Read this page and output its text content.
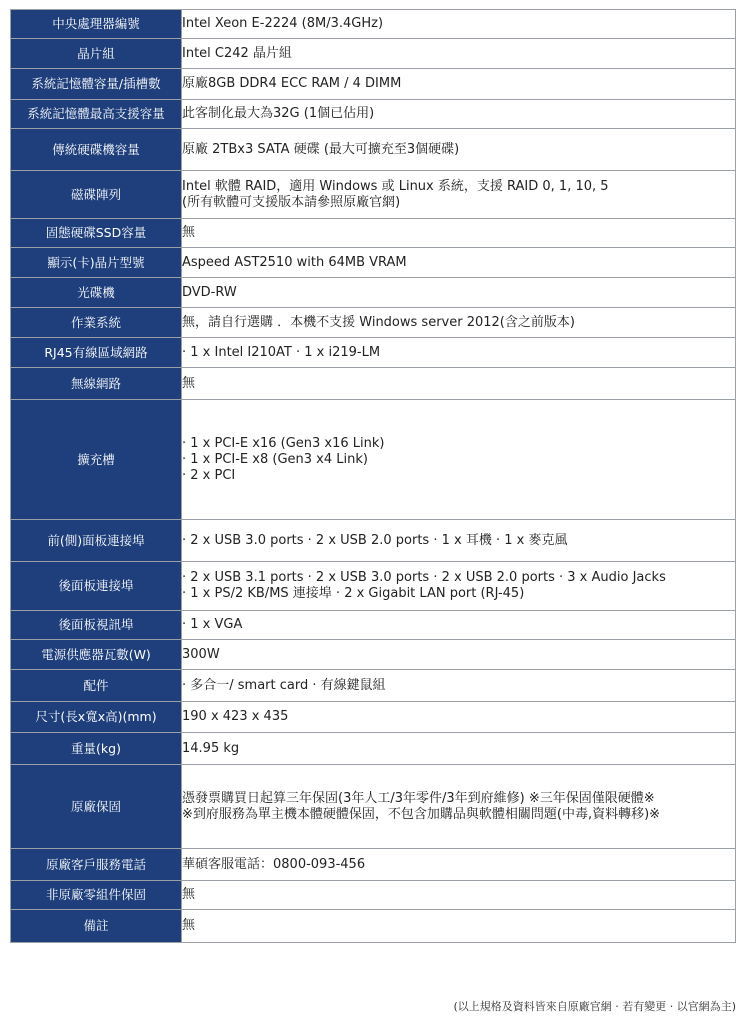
中央處理器編號	Intel Xeon E-2224 (8M/3.4GHz)

晶片組	Intel C242 晶片組

系統記憶體容量/插槽數	原廠8GB DDR4 ECC RAM / 4 DIMM

系統記憶體最高支援容量	此客制化最大為32G (1個已佔用)

傳統硬碟機容量	原廠 2TBx3 SATA 硬碟 (最大可擴充至3個硬碟)

磁碟陣列	Intel 軟體 RAID，適用 Windows 或 Linux 系統，支援 RAID 0, 1, 10, 5
(所有軟體可支援版本請參照原廠官網)

固態硬碟SSD容量	無

顯示(卡)晶片型號	Aspeed AST2510 with 64MB VRAM

光碟機	DVD-RW

作業系統	無，請自行選購 ．本機不支援 Windows server 2012(含之前版本)

RJ45有線區域網路	· 1 x Intel I210AT · 1 x i219-LM

無線網路	無

擴充槽	· 1 x PCI-E x16 (Gen3 x16 Link)
· 1 x PCI-E x8 (Gen3 x4 Link)
· 2 x PCI

前(側)面板連接埠	· 2 x USB 3.0 ports · 2 x USB 2.0 ports · 1 x 耳機 · 1 x 麥克風

後面板連接埠	· 2 x USB 3.1 ports · 2 x USB 3.0 ports · 2 x USB 2.0 ports · 3 x Audio Jacks
· 1 x PS/2 KB/MS 連接埠 · 2 x Gigabit LAN port (RJ-45)

後面板視訊埠	· 1 x VGA

電源供應器瓦數(W)	300W

配件	· 多合一/ smart card · 有線鍵鼠組

尺寸(長x寬x高)(mm)	190 x 423 x 435

重量(kg)	14.95 kg

原廠保固	憑發票購買日起算三年保固(3年人工/3年零件/3年到府維修) ※三年保固僅限硬體※
※到府服務為單主機本體硬體保固，不包含加購品與軟體相關問題(中毒,資料轉移)※

原廠客戶服務電話	華碩客服電話：0800-093-456

非原廠零組件保固	無

備註	無
(以上規格及資料皆來自原廠官網 · 若有變更 · 以官網為主)
